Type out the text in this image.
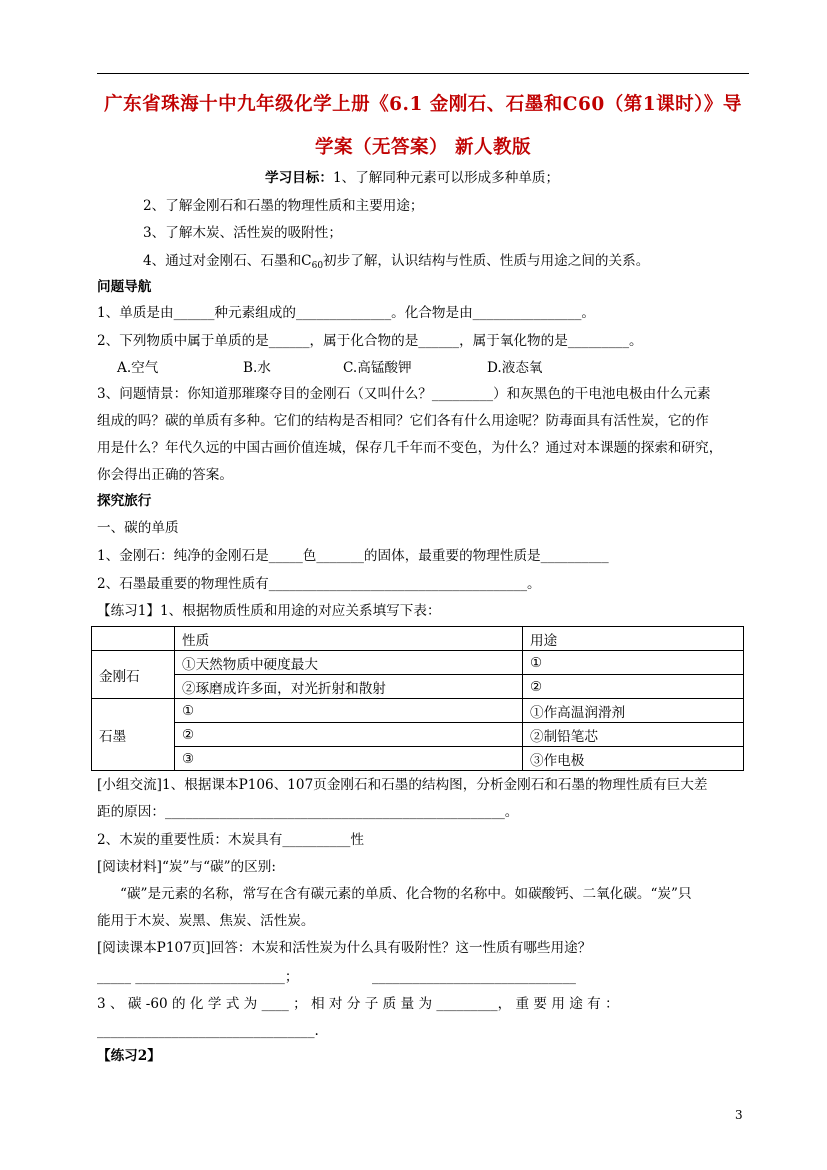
广东省珠海十中九年级化学上册《6.1 金刚石、石墨和C60（第1课时）》导
学案（无答案） 新人教版
学习目标：1、了解同种元素可以形成多种单质；
2、了解金刚石和石墨的物理性质和主要用途；
3、了解木炭、活性炭的吸附性；
4、通过对金刚石、石墨和$C_{60}$初步了解，认识结构与性质、性质与用途之间的关系。
问题导航
1、单质是由______种元素组成的______________。化合物是由________________。
2、下列物质中属于单质的是______，属于化合物的是______，属于氧化物的是_________。
A.空气	B.水	C.高锰酸钾	D.液态氧
3、问题情景：你知道那璀璨夺目的金刚石（又叫什么？_________）和灰黑色的干电池电极由什么元素
组成的吗？碳的单质有多种。它们的结构是否相同？它们各有什么用途呢？防毒面具有活性炭，它的作
用是什么？年代久远的中国古画价值连城，保存几千年而不变色，为什么？通过对本课题的探索和研究，
你会得出正确的答案。
探究旅行
一、碳的单质
1、金刚石：纯净的金刚石是_____色_______的固体，最重要的物理性质是__________
2、石墨最重要的物理性质有______________________________________。
【练习1】1、根据物质性质和用途的对应关系填写下表：
	性质	用途
金刚石	①天然物质中硬度最大	①
	②琢磨成许多面，对光折射和散射	②
石墨	①	①作高温润滑剂
	②	②制铅笔芯
	③	③作电极
[小组交流]1、根据课本P106、107页金刚石和石墨的结构图，分析金刚石和石墨的物理性质有巨大差
距的原因：__________________________________________________。
2、木炭的重要性质：木炭具有__________性
[阅读材料]“炭”与“碳”的区别:
“碳”是元素的名称，常写在含有碳元素的单质、化合物的名称中。如碳酸钙、二氧化碳。“炭”只
能用于木炭、炭黑、焦炭、活性炭。
[阅读课本P107页]回答：木炭和活性炭为什么具有吸附性？这一性质有哪些用途？
_____ ______________________；	______________________________
3 、 碳 -60 的 化 学 式 为 ____ ； 相 对 分 子 质 量 为 _________， 重 要 用 途 有 ：
________________________________.
【练习2】
3
